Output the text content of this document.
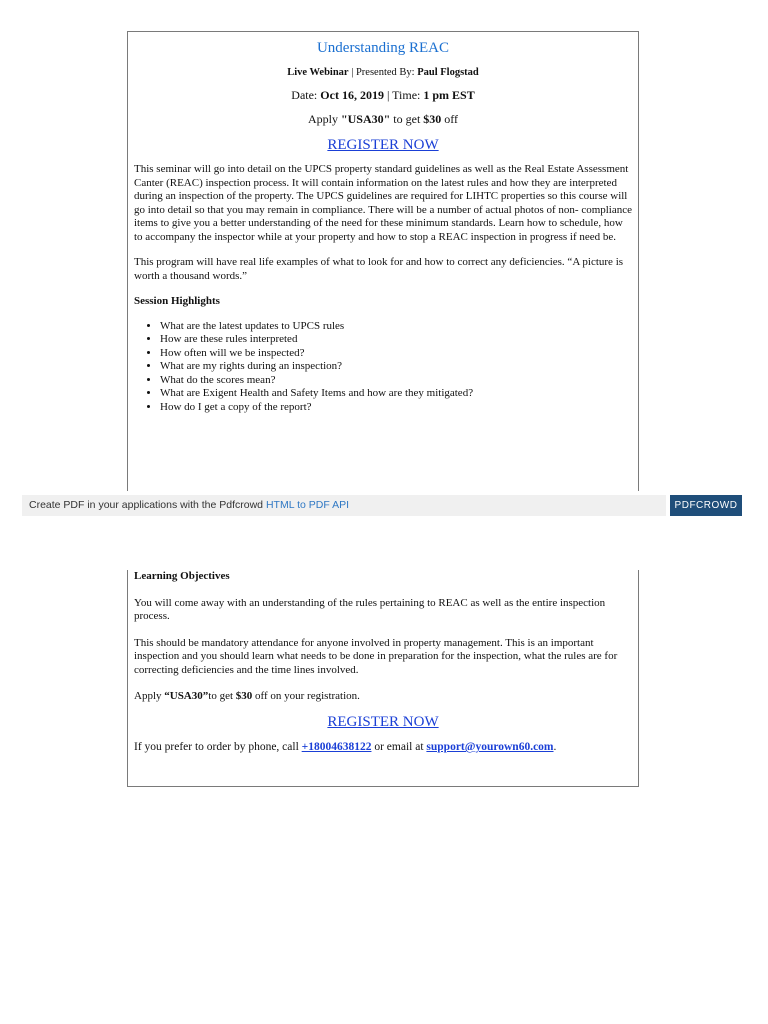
Understanding REAC
Live Webinar | Presented By: Paul Flogstad
Date: Oct 16, 2019 | Time: 1 pm EST
Apply "USA30" to get $30 off
REGISTER NOW

This seminar will go into detail on the UPCS property standard guidelines as well as the Real Estate Assessment Canter (REAC) inspection process. It will contain information on the latest rules and how they are interpreted during an inspection of the property. The UPCS guidelines are required for LIHTC properties so this course will go into detail so that you may remain in compliance. There will be a number of actual photos of non- compliance items to give you a better understanding of the need for these minimum standards. Learn how to schedule, how to accompany the inspector while at your property and how to stop a REAC inspection in progress if need be.

This program will have real life examples of what to look for and how to correct any deficiencies. “A picture is worth a thousand words.”

Session Highlights
• What are the latest updates to UPCS rules
• How are these rules interpreted
• How often will we be inspected?
• What are my rights during an inspection?
• What do the scores mean?
• What are Exigent Health and Safety Items and how are they mitigated?
• How do I get a copy of the report?
Create PDF in your applications with the Pdfcrowd HTML to PDF API	PDFCROWD
Learning Objectives

You will come away with an understanding of the rules pertaining to REAC as well as the entire inspection process.

This should be mandatory attendance for anyone involved in property management. This is an important inspection and you should learn what needs to be done in preparation for the inspection, what the rules are for correcting deficiencies and the time lines involved.

Apply “USA30”to get $30 off on your registration.

REGISTER NOW

If you prefer to order by phone, call +18004638122 or email at support@yourown60.com.
